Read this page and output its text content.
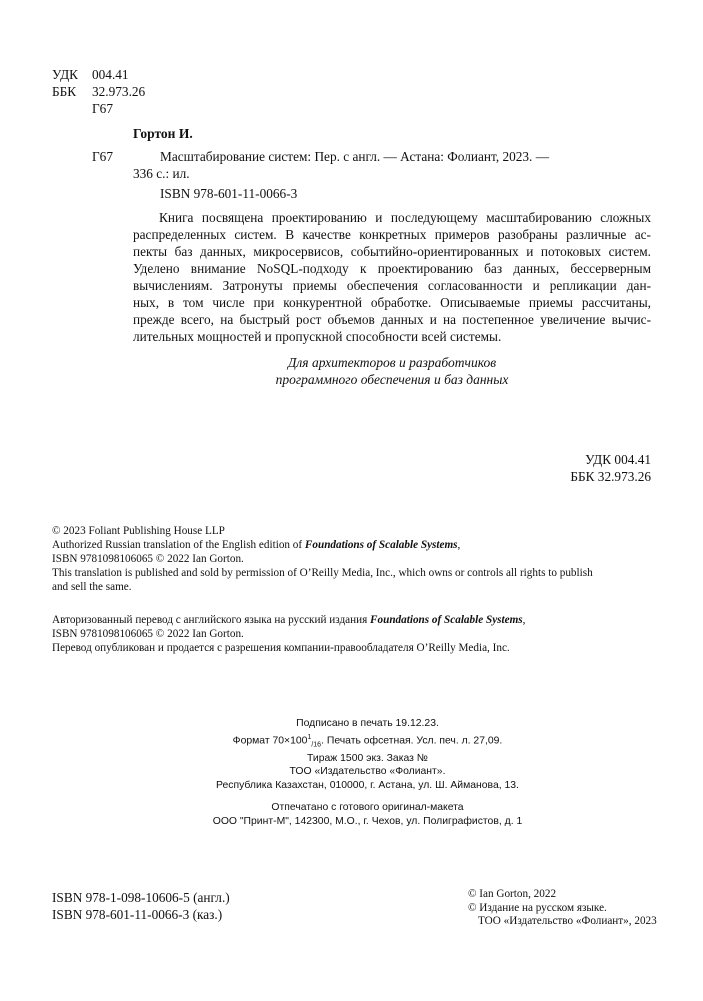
УДК 004.41
ББК 32.973.26
Г67
Гортон И.
Г67	Масштабирование систем: Пер. с англ. — Астана: Фолиант, 2023. —
336 с.: ил.
ISBN 978-601-11-0066-3
Книга посвящена проектированию и последующему масштабированию сложных
распределенных систем. В качестве конкретных примеров разобраны различные ас-
пекты баз данных, микросервисов, событийно-ориентированных и потоковых систем.
Уделено внимание NoSQL-подходу к проектированию баз данных, бессерверным
вычислениям. Затронуты приемы обеспечения согласованности и репликации дан-
ных, в том числе при конкурентной обработке. Описываемые приемы рассчитаны,
прежде всего, на быстрый рост объемов данных и на постепенное увеличение вычис-
лительных мощностей и пропускной способности всей системы.
Для архитекторов и разработчиков
программного обеспечения и баз данных
УДК 004.41
ББК 32.973.26
© 2023 Foliant Publishing House LLP
Authorized Russian translation of the English edition of Foundations of Scalable Systems,
ISBN 9781098106065 © 2022 Ian Gorton.
This translation is published and sold by permission of O’Reilly Media, Inc., which owns or controls all rights to publish
and sell the same.
Авторизованный перевод с английского языка на русский издания Foundations of Scalable Systems,
ISBN 9781098106065 © 2022 Ian Gorton.
Перевод опубликован и продается с разрешения компании-правообладателя O’Reilly Media, Inc.
Подписано в печать 19.12.23.
Формат $70\times 100^1_{/16}$. Печать офсетная. Усл. печ. л. 27,09.
Тираж 1500 экз. Заказ №
ТОО «Издательство «Фолиант».
Республика Казахстан, 010000, г. Астана, ул. Ш. Айманова, 13.
Отпечатано с готового оригинал-макета
ООО "Принт-М", 142300, М.О., г. Чехов, ул. Полиграфистов, д. 1
ISBN 978-1-098-10606-5 (англ.)
ISBN 978-601-11-0066-3 (каз.)
© Ian Gorton, 2022
© Издание на русском языке.
ТОО «Издательство «Фолиант», 2023
